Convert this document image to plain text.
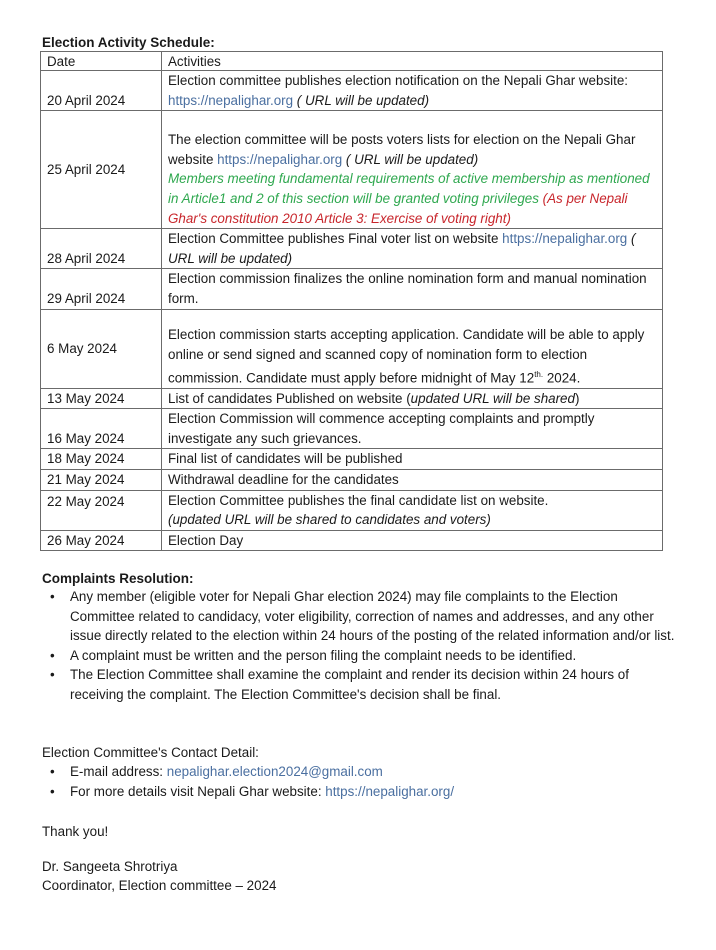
Election Activity Schedule:
Date	Activities
20 April 2024	Election committee publishes election notification on the Nepali Ghar website: https://nepalighar.org ( URL will be updated)
25 April 2024	The election committee will be posts voters lists for election on the Nepali Ghar website https://nepalighar.org ( URL will be updated)
Members meeting fundamental requirements of active membership as mentioned in Article1 and 2 of this section will be granted voting privileges (As per Nepali Ghar's constitution 2010 Article 3: Exercise of voting right)
28 April 2024	Election Committee publishes Final voter list on website https://nepalighar.org ( URL will be updated)
29 April 2024	Election commission finalizes the online nomination form and manual nomination form.
6 May 2024	Election commission starts accepting application. Candidate will be able to apply online or send signed and scanned copy of nomination form to election commission. Candidate must apply before midnight of May $12^{th.}$ 2024.
13 May 2024	List of candidates Published on website (updated URL will be shared)
16 May 2024	Election Commission will commence accepting complaints and promptly investigate any such grievances.
18 May 2024	Final list of candidates will be published
21 May 2024	Withdrawal deadline for the candidates
22 May 2024	Election Committee publishes the final candidate list on website.
(updated URL will be shared to candidates and voters)
26 May 2024	Election Day
Complaints Resolution:
• Any member (eligible voter for Nepali Ghar election 2024) may file complaints to the Election Committee related to candidacy, voter eligibility, correction of names and addresses, and any other issue directly related to the election within 24 hours of the posting of the related information and/or list.
• A complaint must be written and the person filing the complaint needs to be identified.
• The Election Committee shall examine the complaint and render its decision within 24 hours of receiving the complaint. The Election Committee's decision shall be final.
Election Committee's Contact Detail:
• E-mail address: nepalighar.election2024@gmail.com
• For more details visit Nepali Ghar website: https://nepalighar.org/
Thank you!
Dr. Sangeeta Shrotriya
Coordinator, Election committee – 2024
